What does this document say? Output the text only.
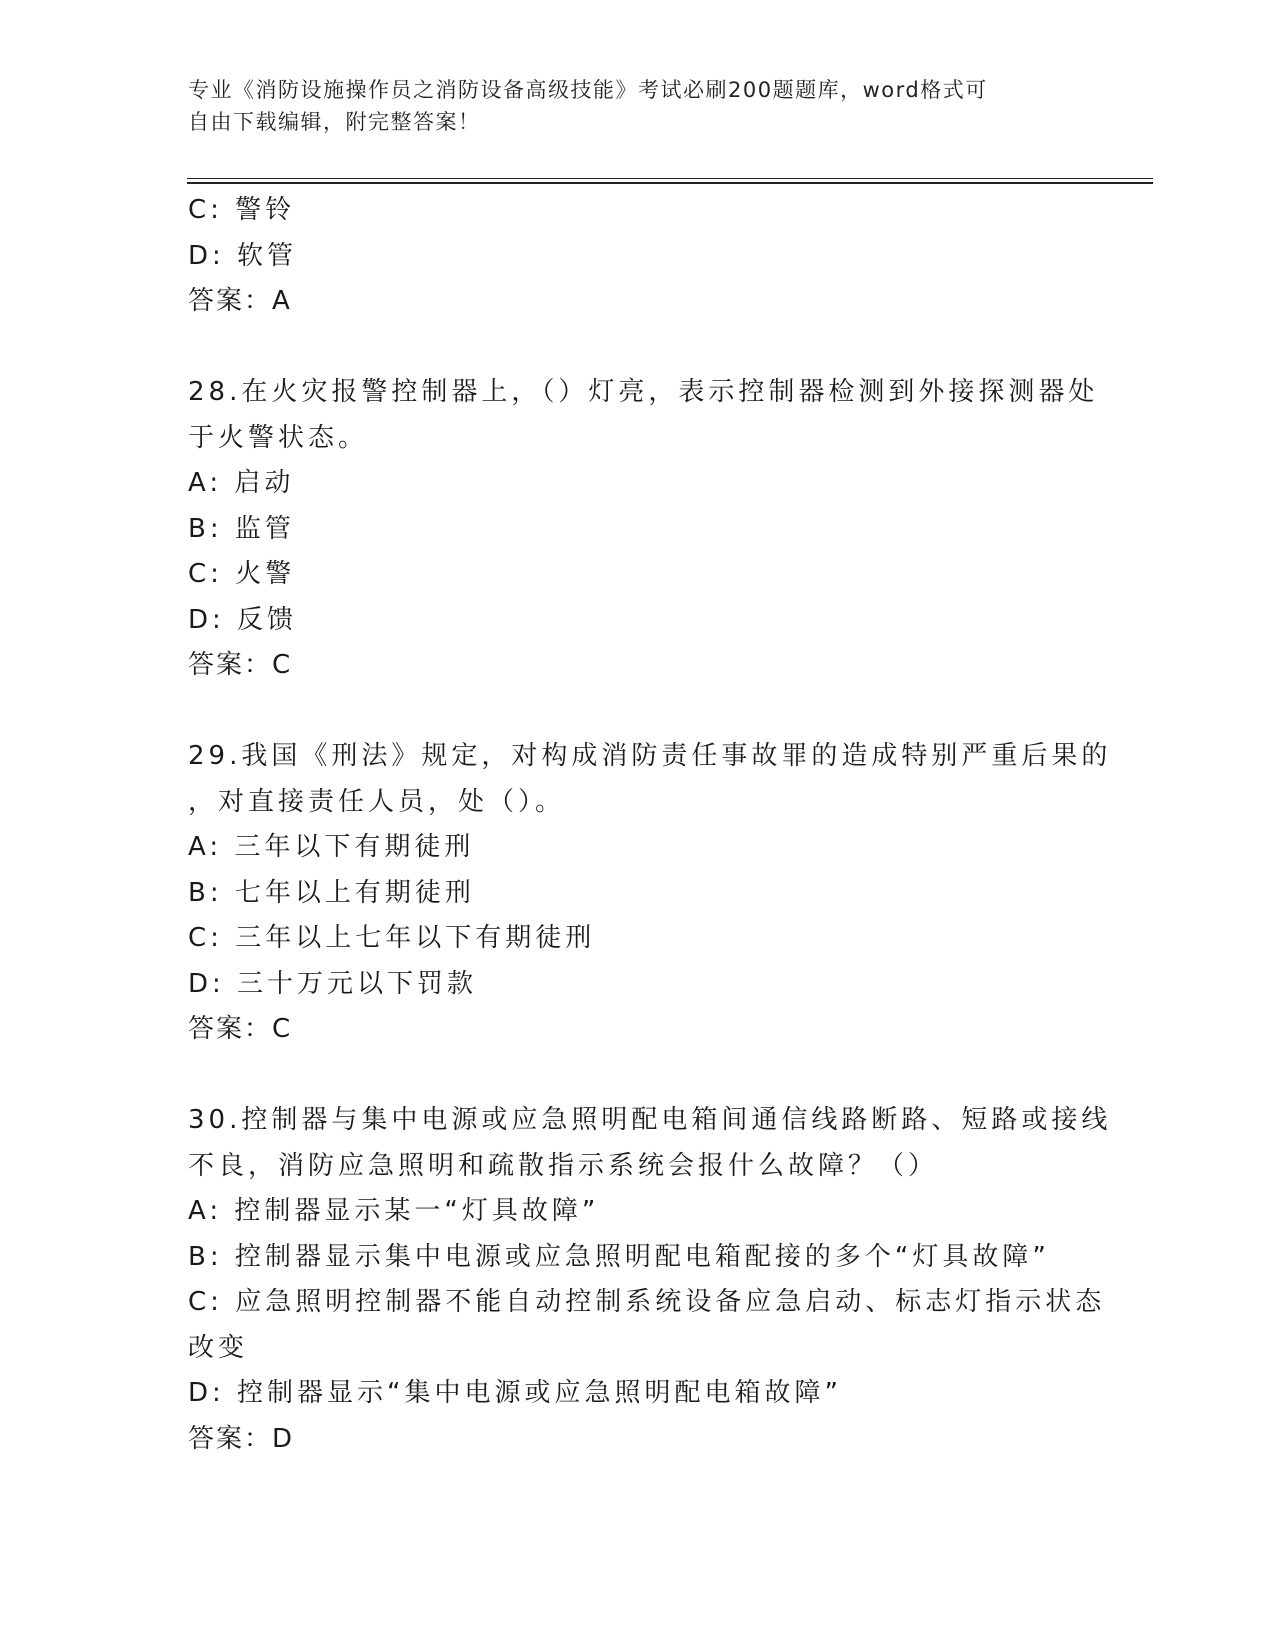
专业《消防设施操作员之消防设备高级技能》考试必刷200题题库，word格式可
自由下载编辑，附完整答案！

C: 警铃

D: 软管

答案：A

28.在火灾报警控制器上，（）灯亮，表示控制器检测到外接探测器处

于火警状态。

A: 启动

B: 监管

C: 火警

D: 反馈

答案：C

29.我国《刑法》规定，对构成消防责任事故罪的造成特别严重后果的

，对直接责任人员，处（）。

A: 三年以下有期徒刑

B: 七年以上有期徒刑

C: 三年以上七年以下有期徒刑

D: 三十万元以下罚款

答案：C

30.控制器与集中电源或应急照明配电箱间通信线路断路、短路或接线

不良，消防应急照明和疏散指示系统会报什么故障？（）

A: 控制器显示某一“灯具故障”

B: 控制器显示集中电源或应急照明配电箱配接的多个“灯具故障”

C: 应急照明控制器不能自动控制系统设备应急启动、标志灯指示状态

改变

D: 控制器显示“集中电源或应急照明配电箱故障”

答案：D
